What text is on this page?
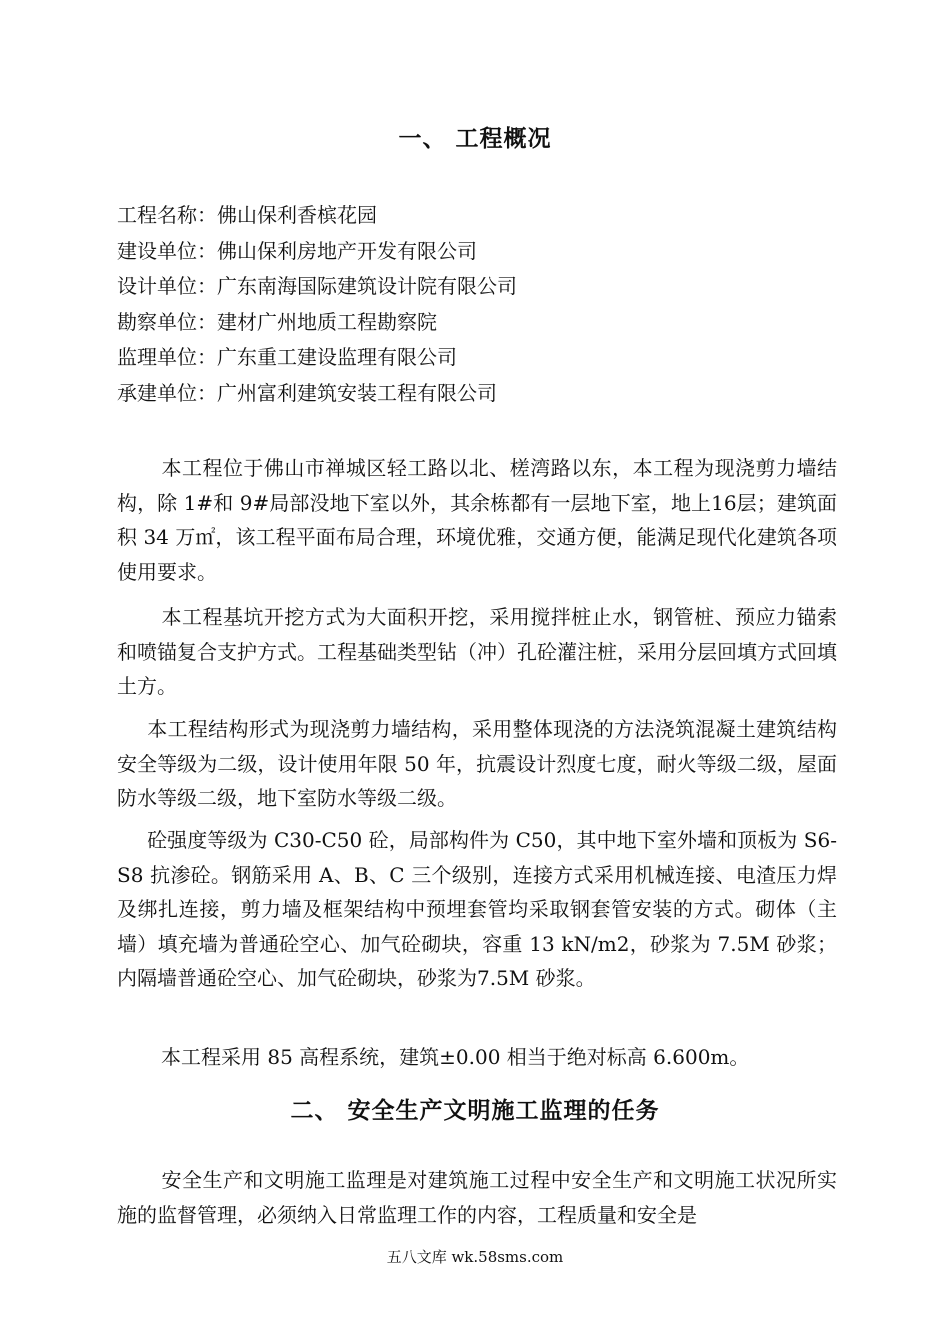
一、 工程概况
工程名称：佛山保利香槟花园
建设单位：佛山保利房地产开发有限公司
设计单位：广东南海国际建筑设计院有限公司
勘察单位：建材广州地质工程勘察院
监理单位：广东重工建设监理有限公司
承建单位：广州富利建筑安装工程有限公司
本工程位于佛山市禅城区轻工路以北、槎湾路以东，本工程为现浇剪力墙结构，除 1#和 9#局部没地下室以外，其余栋都有一层地下室，地上16层；建筑面积 34 万㎡，该工程平面布局合理，环境优雅，交通方便，能满足现代化建筑各项使用要求。
本工程基坑开挖方式为大面积开挖，采用搅拌桩止水，钢管桩、预应力锚索和喷锚复合支护方式。工程基础类型钻（冲）孔砼灌注桩，采用分层回填方式回填土方。
本工程结构形式为现浇剪力墙结构，采用整体现浇的方法浇筑混凝土建筑结构安全等级为二级，设计使用年限 50 年，抗震设计烈度七度，耐火等级二级，屋面防水等级二级，地下室防水等级二级。
砼强度等级为 C30-C50 砼，局部构件为 C50，其中地下室外墙和顶板为 S6-S8 抗渗砼。钢筋采用 A、B、C 三个级别，连接方式采用机械连接、电渣压力焊及绑扎连接，剪力墙及框架结构中预埋套管均采取钢套管安装的方式。砌体（主墙）填充墙为普通砼空心、加气砼砌块，容重 13 kN/m2，砂浆为 7.5M 砂浆；内隔墙普通砼空心、加气砼砌块，砂浆为7.5M 砂浆。
本工程采用 85 高程系统，建筑±0.00 相当于绝对标高 6.600m。
二、 安全生产文明施工监理的任务
安全生产和文明施工监理是对建筑施工过程中安全生产和文明施工状况所实施的监督管理，必须纳入日常监理工作的内容，工程质量和安全是
五八文库 wk.58sms.com
